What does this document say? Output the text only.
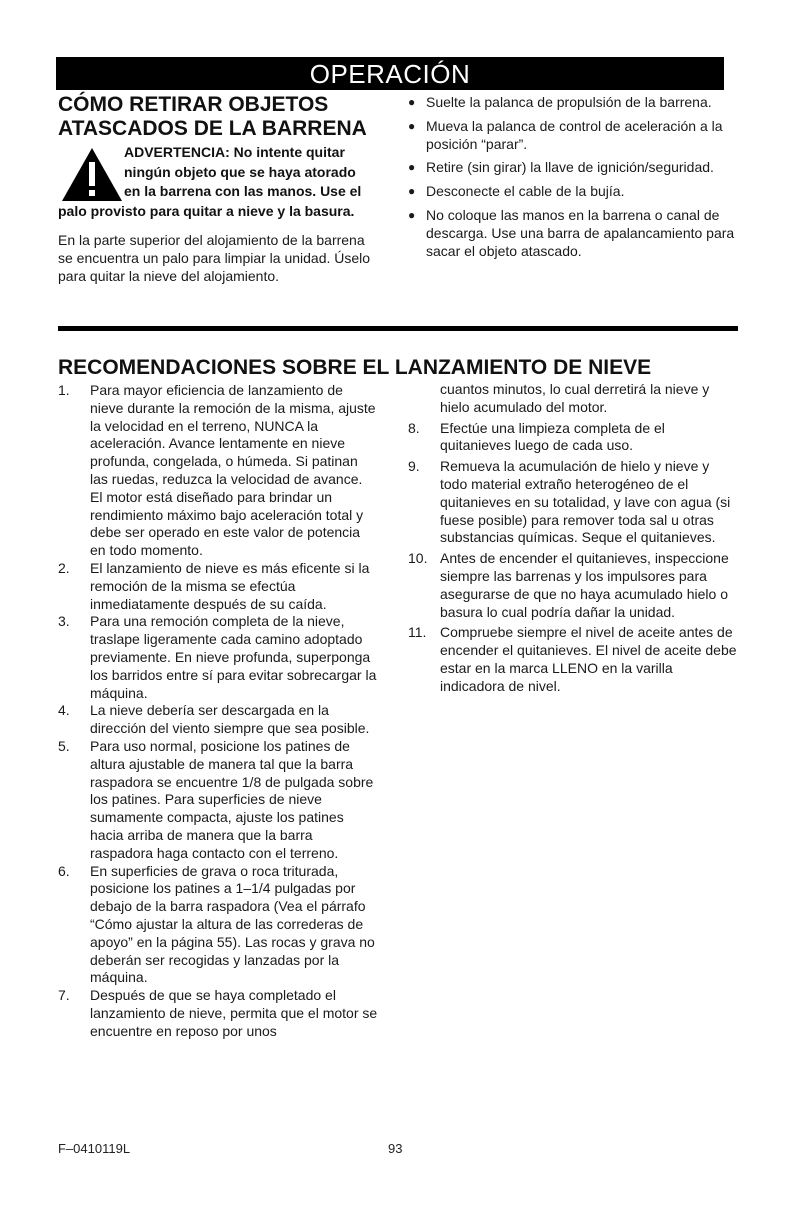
OPERACIÓN
CÓMO RETIRAR OBJETOS ATASCADOS DE LA BARRENA
ADVERTENCIA: No intente quitar ningún objeto que se haya atorado en la barrena con las manos. Use el palo provisto para quitar a nieve y la basura.
En la parte superior del alojamiento de la barrena se encuentra un palo para limpiar la unidad. Úselo para quitar la nieve del alojamiento.
● Suelte la palanca de propulsión de la barrena.
● Mueva la palanca de control de aceleración a la posición “parar”.
● Retire (sin girar) la llave de ignición/seguridad.
● Desconecte el cable de la bujía.
● No coloque las manos en la barrena o canal de descarga. Use una barra de apalancamiento para sacar el objeto atascado.
RECOMENDACIONES SOBRE EL LANZAMIENTO DE NIEVE
1.	Para mayor eficiencia de lanzamiento de nieve durante la remoción de la misma, ajuste la velocidad en el terreno, NUNCA la aceleración. Avance lentamente en nieve profunda, congelada, o húmeda. Si patinan las ruedas, reduzca la velocidad de avance. El motor está diseñado para brindar un rendimiento máximo bajo aceleración total y debe ser operado en este valor de potencia en todo momento.
2.	El lanzamiento de nieve es más eficente si la remoción de la misma se efectúa inmediatamente después de su caída.
3.	Para una remoción completa de la nieve, traslape ligeramente cada camino adoptado previamente. En nieve profunda, superponga los barridos entre sí para evitar sobrecargar la máquina.
4.	La nieve debería ser descargada en la dirección del viento siempre que sea posible.
5.	Para uso normal, posicione los patines de altura ajustable de manera tal que la barra raspadora se encuentre 1/8 de pulgada sobre los patines. Para superficies de nieve sumamente compacta, ajuste los patines hacia arriba de manera que la barra raspadora haga contacto con el terreno.
6.	En superficies de grava o roca triturada, posicione los patines a 1–1/4 pulgadas por debajo de la barra raspadora (Vea el párrafo “Cómo ajustar la altura de las correderas de apoyo” en la página 55). Las rocas y grava no deberán ser recogidas y lanzadas por la máquina.
7.	Después de que se haya completado el lanzamiento de nieve, permita que el motor se encuentre en reposo por unos
cuantos minutos, lo cual derretirá la nieve y hielo acumulado del motor.
8.	Efectúe una limpieza completa de el quitanieves luego de cada uso.
9.	Remueva la acumulación de hielo y nieve y todo material extraño heterogéneo de el quitanieves en su totalidad, y lave con agua (si fuese posible) para remover toda sal u otras substancias químicas. Seque el quitanieves.
10. Antes de encender el quitanieves, inspeccione siempre las barrenas y los impulsores para asegurarse de que no haya acumulado hielo o basura lo cual podría dañar la unidad.
11. Compruebe siempre el nivel de aceite antes de encender el quitanieves. El nivel de aceite debe estar en la marca LLENO en la varilla indicadora de nivel.
F–0410119L	93
